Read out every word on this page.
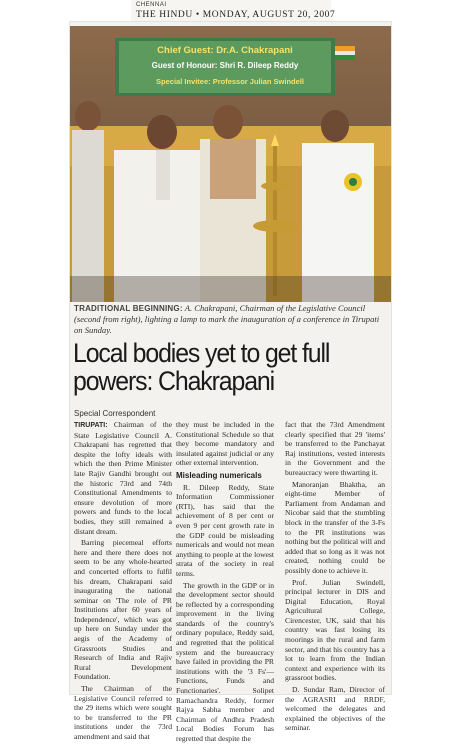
CHENNAI
THE HINDU • MONDAY, AUGUST 20, 2007
Chief Guest: Dr.A. Chakrapani
Guest of Honour: Shri R. Dileep Reddy
Special Invitee: Professor Julian Swindell
TRADITIONAL BEGINNING: A. Chakrapani, Chairman of the Legislative Council (second from right), lighting a lamp to mark the inauguration of a conference in Tirupati on Sunday.
Local bodies yet to get full powers: Chakrapani
Special Correspondent

TIRUPATI: Chairman of the State Legislative Council A. Chakrapani has regretted that despite the lofty ideals with which the then Prime Minister late Rajiv Gandhi brought out the historic 73rd and 74th Constitutional Amendments to ensure devolution of more powers and funds to the local bodies, they still remained a distant dream.

Barring piecemeal efforts here and there there does not seem to be any whole-hearted and concerted efforts to fulfil his dream, Chakrapani said inaugurating the national seminar on 'The role of PR Institutions after 60 years of Independence', which was got up here on Sunday under the aegis of the Academy of Grassroots Studies and Research of India and Rajiv Rural Development Foundation.

The Chairman of the Legislative Council referred to the 29 items which were sought to be transferred to the PR institutions under the 73rd amendment and said that

they must be included in the Constitutional Schedule so that they become mandatory and insulated against judicial or any other external intervention.

Misleading numericals

R. Dileep Reddy, State Information Commissioner (RTI), has said that the achievement of 8 per cent or even 9 per cent growth rate in the GDP could be misleading numericals and would not mean anything to people at the lowest strata of the society in real terms.

The growth in the GDP or in the development sector should be reflected by a corresponding improvement in the living standards of the country's ordinary populace, Reddy said, and regretted that the political system and the bureaucracy have failed in providing the PR institutions with the '3 Fs'— Functions, Funds and Functionaries'. Solipet Ramachandra Reddy, former Rajya Sabha member and Chairman of Andhra Pradesh Local Bodies Forum has regretted that despite the

fact that the 73rd Amendment clearly specified that 29 'items' be transferred to the Panchayat Raj institutions, vested interests in the Government and the bureaucracy were thwarting it.

Manoranjan Bhaktha, an eight-time Member of Parliament from Andaman and Nicobar said that the stumbling block in the transfer of the 3-Fs to the PR institutions was nothing but the political will and added that so long as it was not created, nothing could be possibly done to achieve it.

Prof. Julian Swindell, principal lecturer in DIS and Digital Education, Royal Agricultural College, Cirencester, UK, said that his country was fast losing its moorings in the rural and farm sector, and that his country has a lot to learn from the Indian context and experience with its grassroot bodies.

D. Sundar Ram, Director of the AGRASRI and RRDF, welcomed the delegates and explained the objectives of the seminar.
